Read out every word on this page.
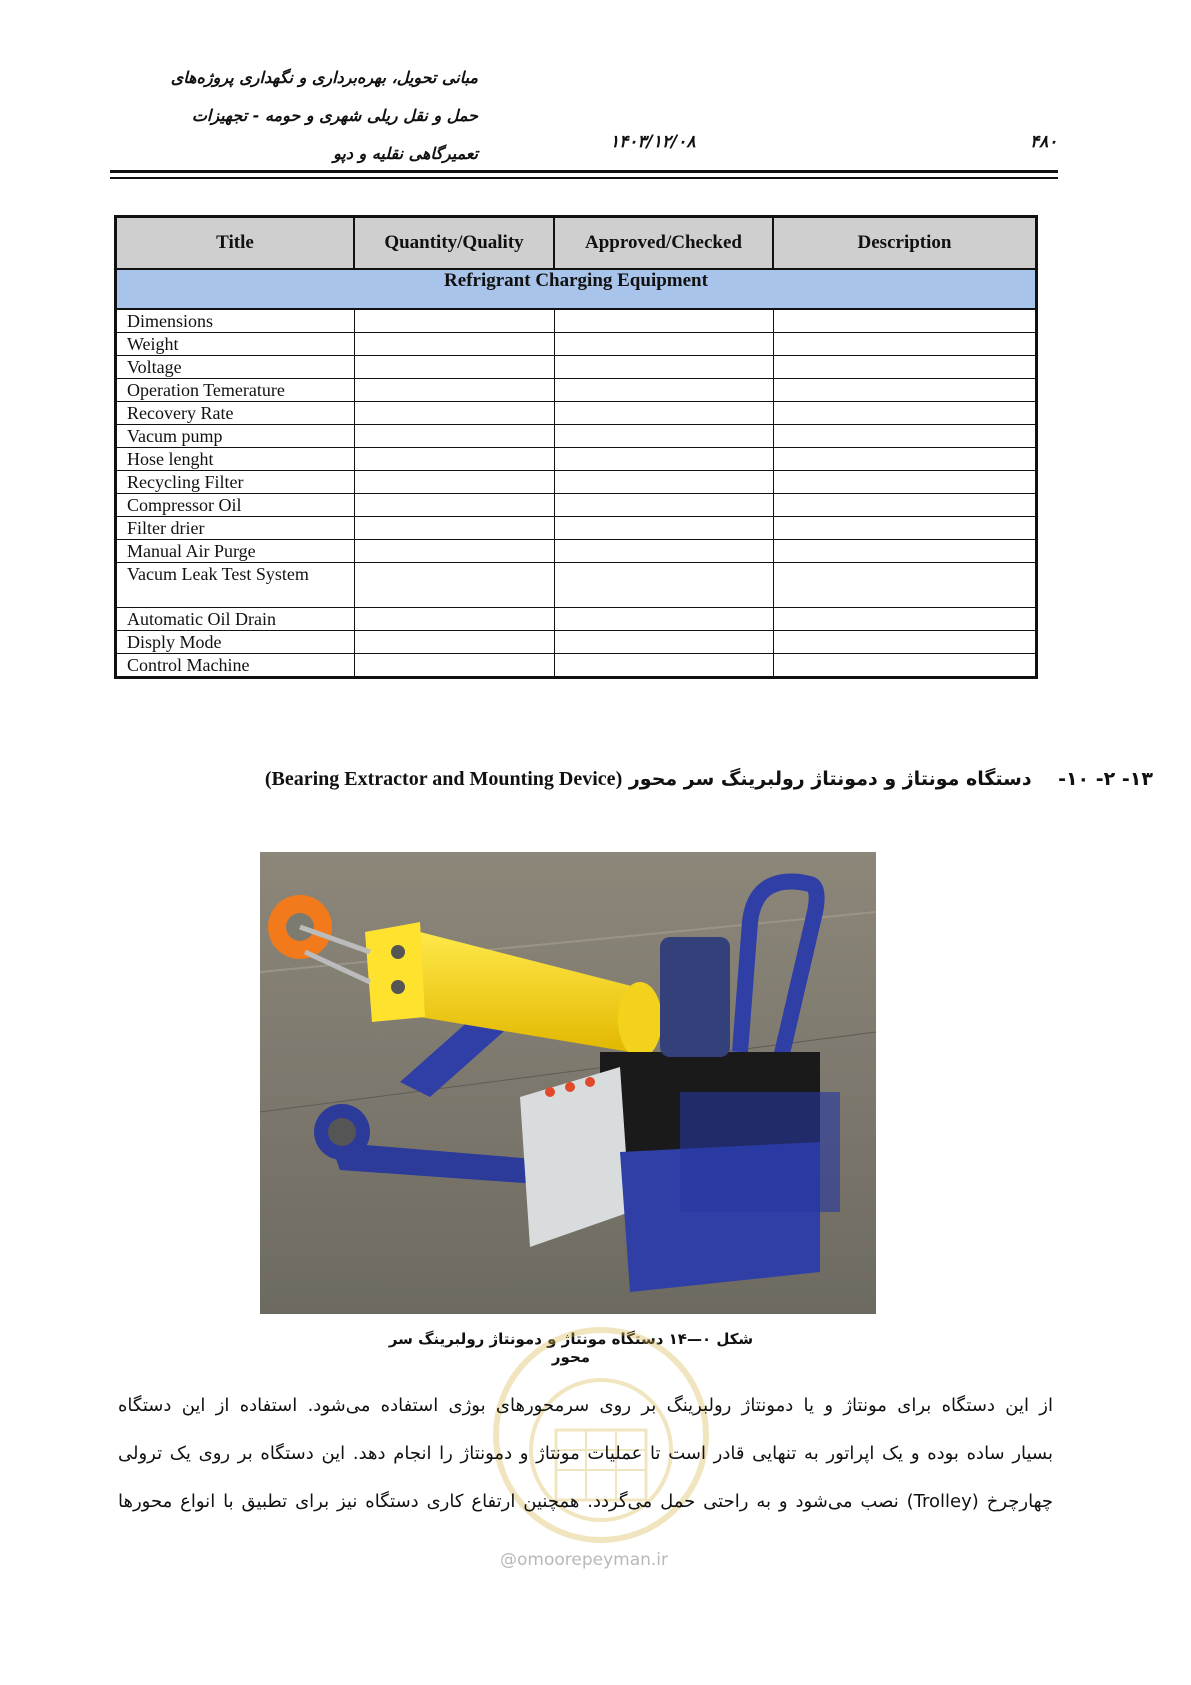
مبانی تحویل، بهره‌برداری و نگهداری پروژه‌های
حمل و نقل ریلی شهری و حومه - تجهیزات
تعمیرگاهی نقلیه و دپو
۱۴۰۳/۱۲/۰۸	۴۸۰
Title	Quantity/Quality	Approved/Checked	Description
Refrigrant Charging Equipment			
Dimensions			
Weight			
Voltage			
Operation Temerature			
Recovery Rate			
Vacum pump			
Hose lenght			
Recycling Filter			
Compressor Oil			
Filter drier			
Manual Air Purge			
Vacum Leak Test System			
Automatic Oil Drain			
Disply Mode			
Control Machine			
۱۳- ۲- ۱۰-    دستگاه مونتاژ و دمونتاژ رولبرینگ سر محور (Bearing Extractor and Mounting Device)
شکل ۰—۱۴ دستگاه مونتاژ و دمونتاژ رولبرینگ سر محور
@omoorepeyman.ir

از این دستگاه برای مونتاژ و یا دمونتاژ رولبرینگ بر روی سرمحورهای بوژی استفاده می‌شود. استفاده از این دستگاه

بسیار ساده بوده و یک اپراتور به تنهایی قادر است تا عملیات مونتاژ و دمونتاژ را انجام دهد. این دستگاه بر روی یک ترولی

چهارچرخ (Trolley) نصب می‌شود و به راحتی حمل می‌گردد. همچنین ارتفاع کاری دستگاه نیز برای تطبیق با انواع محورها
